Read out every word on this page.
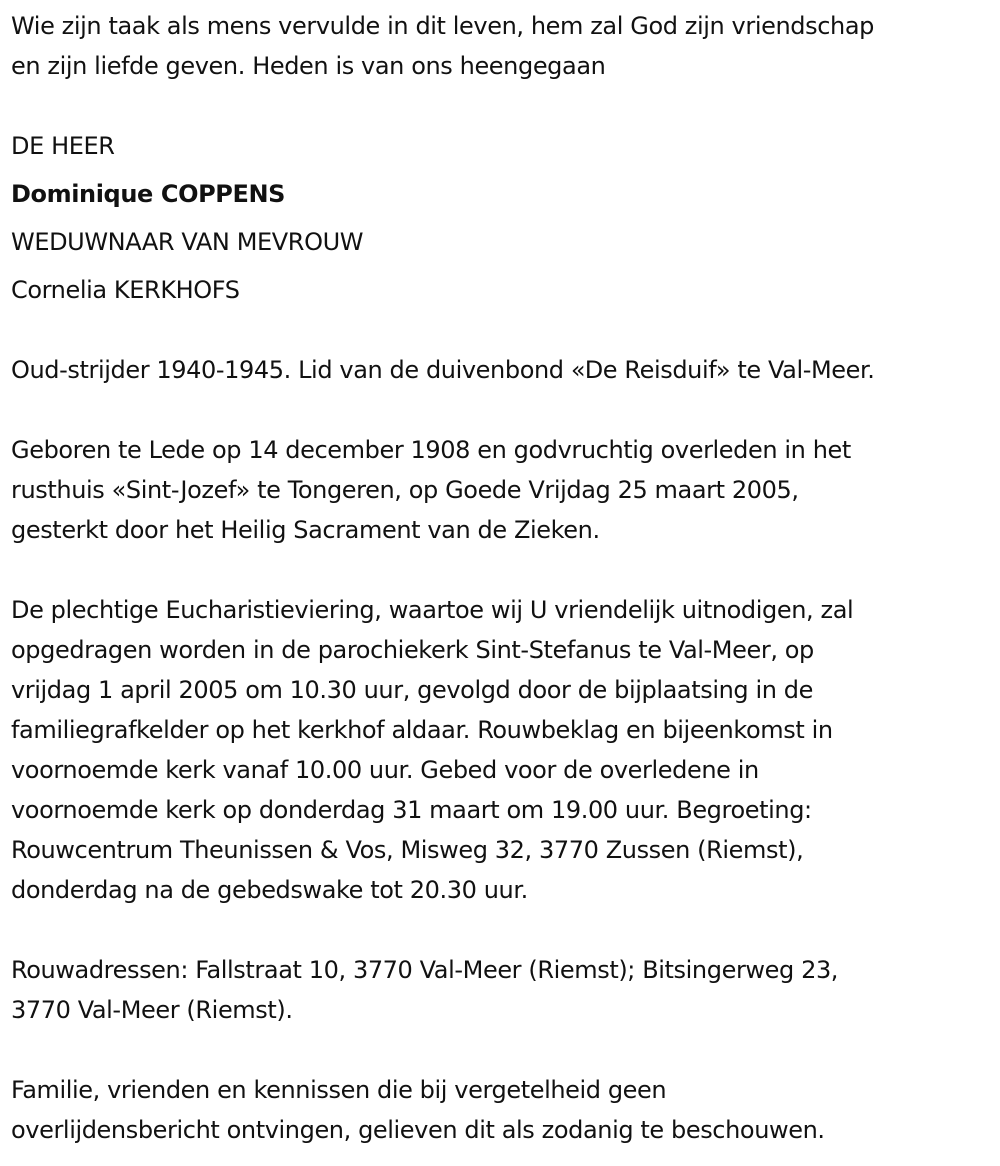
Wie zijn taak als mens vervulde in dit leven, hem zal God zijn vriendschap

en zijn liefde geven. Heden is van ons heengegaan

DE HEER

Dominique COPPENS

WEDUWNAAR VAN MEVROUW

Cornelia KERKHOFS

Oud-strijder 1940-1945. Lid van de duivenbond «De Reisduif» te Val-Meer.

Geboren te Lede op 14 december 1908 en godvruchtig overleden in het

rusthuis «Sint-Jozef» te Tongeren, op Goede Vrijdag 25 maart 2005,

gesterkt door het Heilig Sacrament van de Zieken.

De plechtige Eucharistieviering, waartoe wij U vriendelijk uitnodigen, zal

opgedragen worden in de parochiekerk Sint-Stefanus te Val-Meer, op

vrijdag 1 april 2005 om 10.30 uur, gevolgd door de bijplaatsing in de

familiegrafkelder op het kerkhof aldaar. Rouwbeklag en bijeenkomst in

voornoemde kerk vanaf 10.00 uur. Gebed voor de overledene in

voornoemde kerk op donderdag 31 maart om 19.00 uur. Begroeting:

Rouwcentrum Theunissen & Vos, Misweg 32, 3770 Zussen (Riemst),

donderdag na de gebedswake tot 20.30 uur.

Rouwadressen: Fallstraat 10, 3770 Val-Meer (Riemst); Bitsingerweg 23,

3770 Val-Meer (Riemst).

Familie, vrienden en kennissen die bij vergetelheid geen

overlijdensbericht ontvingen, gelieven dit als zodanig te beschouwen.
